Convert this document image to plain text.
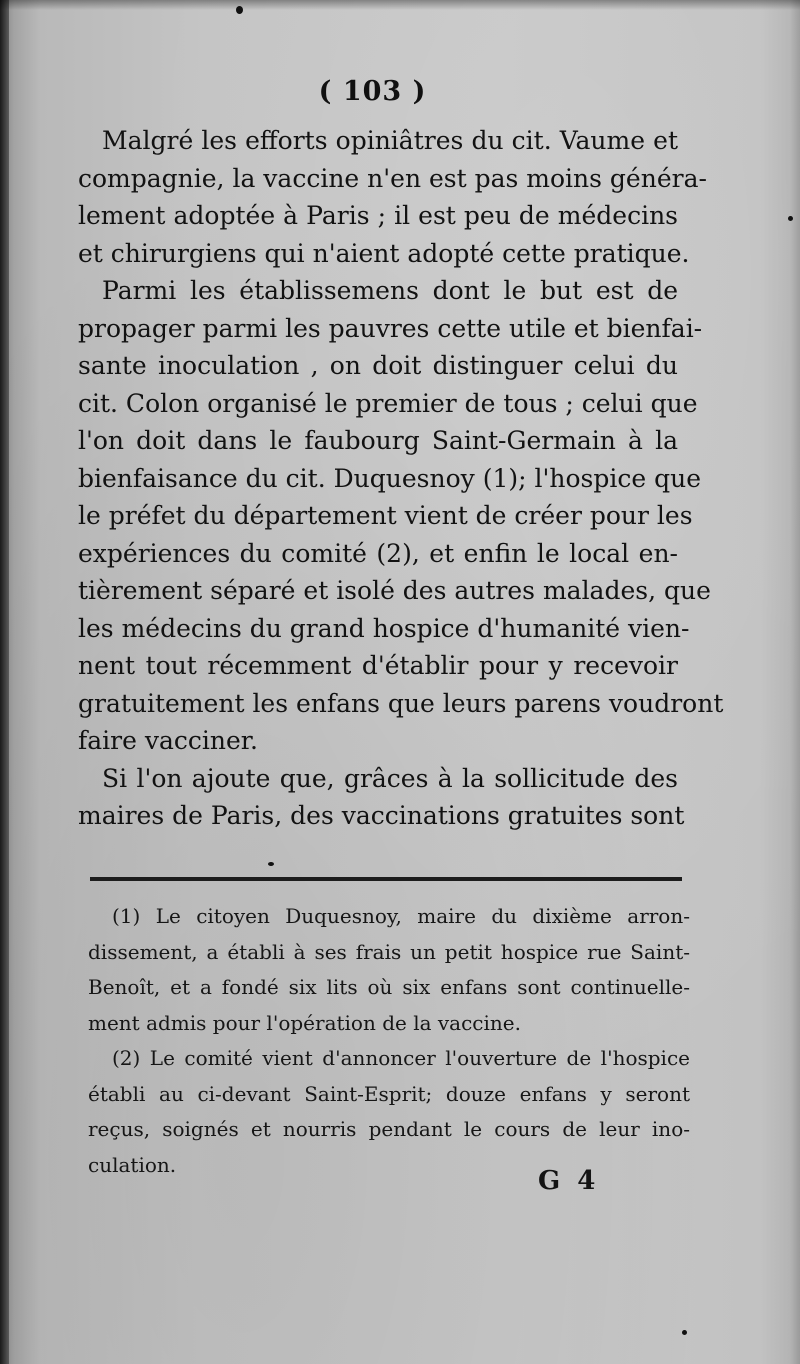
( 103 )
Malgré les efforts opiniâtres du cit. Vaume et
compagnie, la vaccine n'en est pas moins généra-
lement adoptée à Paris ; il est peu de médecins
et chirurgiens qui n'aient adopté cette pratique.
Parmi les établissemens dont le but est de
propager parmi les pauvres cette utile et bienfai-
sante inoculation , on doit distinguer celui du
cit. Colon organisé le premier de tous ; celui que
l'on doit dans le faubourg Saint-Germain à la
bienfaisance du cit. Duquesnoy (1); l'hospice que
le préfet du département vient de créer pour les
expériences du comité (2), et enfin le local en-
tièrement séparé et isolé des autres malades, que
les médecins du grand hospice d'humanité vien-
nent tout récemment d'établir pour y recevoir
gratuitement les enfans que leurs parens voudront
faire vacciner.
Si l'on ajoute que, grâces à la sollicitude des
maires de Paris, des vaccinations gratuites sont
(1) Le citoyen Duquesnoy, maire du dixième arron-
dissement, a établi à ses frais un petit hospice rue Saint-
Benoît, et a fondé six lits où six enfans sont continuelle-
ment admis pour l'opération de la vaccine.
(2) Le comité vient d'annoncer l'ouverture de l'hospice
établi au ci-devant Saint-Esprit; douze enfans y seront
reçus, soignés et nourris pendant le cours de leur ino-
culation.
G 4
